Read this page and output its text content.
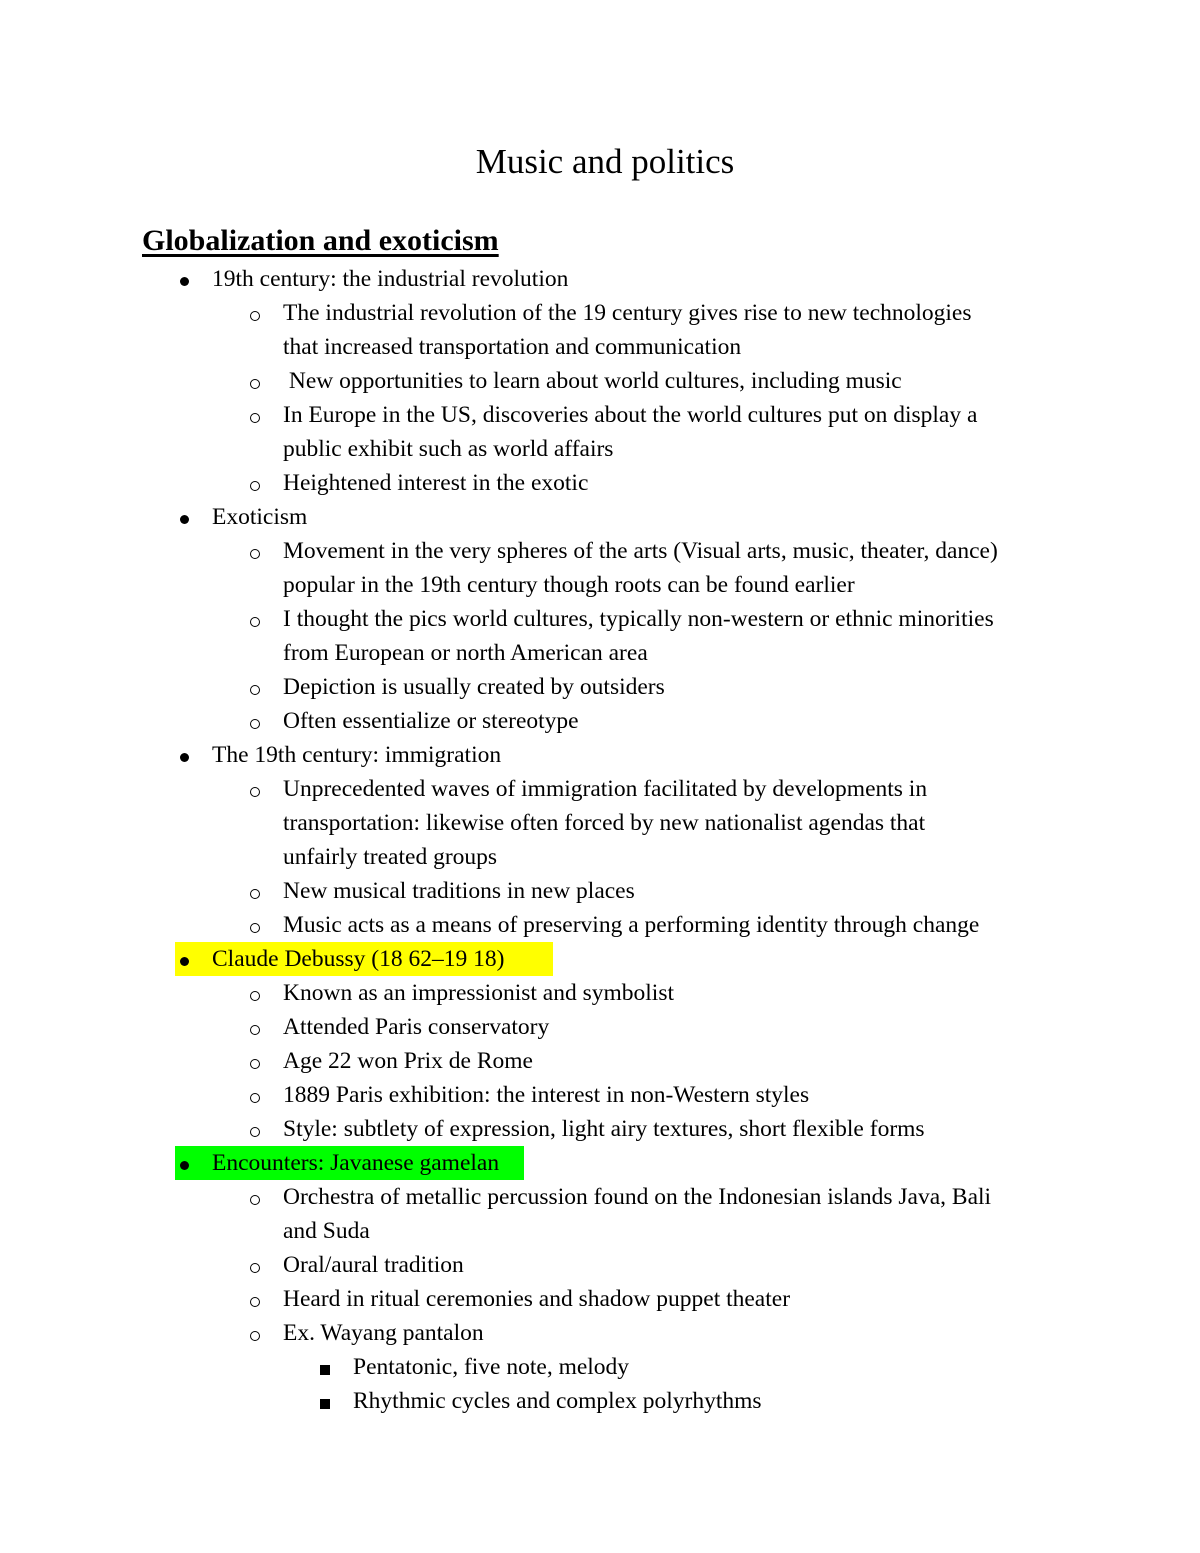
Music and politics
Globalization and exoticism
19th century: the industrial revolution
The industrial revolution of the 19 century gives rise to new technologies
that increased transportation and communication
New opportunities to learn about world cultures, including music
In Europe in the US, discoveries about the world cultures put on display a
public exhibit such as world affairs
Heightened interest in the exotic
Exoticism
Movement in the very spheres of the arts (Visual arts, music, theater, dance)
popular in the 19th century though roots can be found earlier
I thought the pics world cultures, typically non-western or ethnic minorities
from European or north American area
Depiction is usually created by outsiders
Often essentialize or stereotype
The 19th century: immigration
Unprecedented waves of immigration facilitated by developments in
transportation: likewise often forced by new nationalist agendas that
unfairly treated groups
New musical traditions in new places
Music acts as a means of preserving a performing identity through change
Claude Debussy (18 62–19 18)
Known as an impressionist and symbolist
Attended Paris conservatory
Age 22 won Prix de Rome
1889 Paris exhibition: the interest in non-Western styles
Style: subtlety of expression, light airy textures, short flexible forms
Encounters: Javanese gamelan
Orchestra of metallic percussion found on the Indonesian islands Java, Bali
and Suda
Oral/aural tradition
Heard in ritual ceremonies and shadow puppet theater
Ex. Wayang pantalon
Pentatonic, five note, melody
Rhythmic cycles and complex polyrhythms
